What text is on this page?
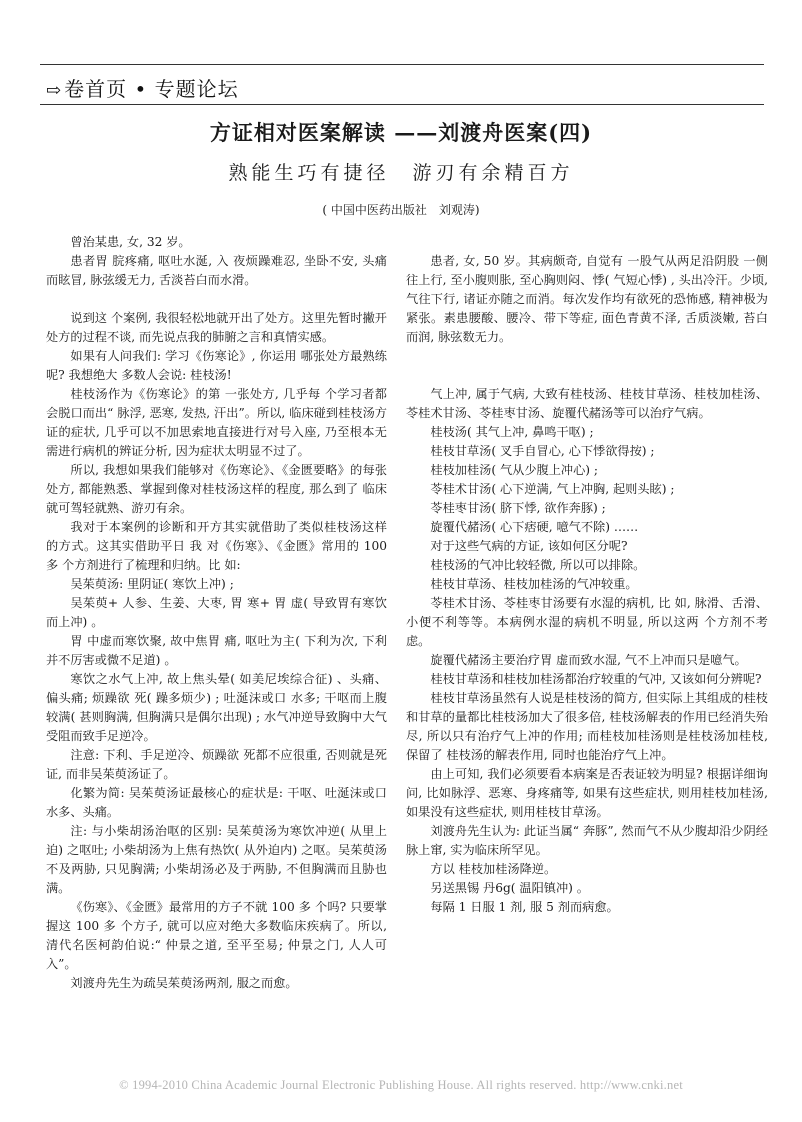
⇨ 卷首页 • 专题论坛
方证相对医案解读 ——刘渡舟医案(四)
熟能生巧有捷径　游刃有余精百方
( 中国中医药出版社　刘观涛)

曾治某患, 女, 32 岁。

患者胃 脘疼痛, 呕吐水涎, 入 夜烦躁难忍, 坐卧不安, 头痛而眩冒, 脉弦缓无力, 舌淡苔白而水滑。

说到这 个案例, 我很轻松地就开出了处方。这里先暂时撇开处方的过程不谈, 而先说点我的肺腑之言和真情实感。

如果有人问我们: 学习《伤寒论》, 你运用 哪张处方最熟练呢? 我想绝大 多数人会说: 桂枝汤!

桂枝汤作为《伤寒论》的第 一张处方, 几乎每 个学习者都会脱口而出“ 脉浮, 恶寒, 发热, 汗出”。所以, 临床碰到桂枝汤方证的症状, 几乎可以不加思索地直接进行对号入座, 乃至根本无需进行病机的辨证分析, 因为症状太明显不过了。

所以, 我想如果我们能够对《伤寒论》、《金匮要略》的每张处方, 都能熟悉、掌握到像对桂枝汤这样的程度, 那么到了 临床就可驾轻就熟、游刃有余。

我对于本案例的诊断和开方其实就借助了类似桂枝汤这样的方式。这其实借助平日 我 对《伤寒》、《金匮》常用的 100 多 个方剂进行了梳理和归纳。比 如:

吴茱萸汤: 里阴证( 寒饮上冲) ;

吴茱萸+ 人参、生姜、大枣, 胃 寒+ 胃 虚( 导致胃有寒饮而上冲) 。

胃 中虚而寒饮聚, 故中焦胃 痛, 呕吐为主( 下利为次, 下利并不厉害或微不足道) 。

寒饮之水气上冲, 故上焦头晕( 如美尼埃综合征) 、头痛、偏头痛; 烦躁欲 死( 躁多烦少) ; 吐涎沫或口 水多; 干呕而上腹较满( 甚则胸满, 但胸满只是偶尔出现) ; 水气冲逆导致胸中大气受阻而致手足逆冷。

注意: 下利、手足逆冷、烦躁欲 死都不应很重, 否则就是死证, 而非吴茱萸汤证了。

化繁为简: 吴茱萸汤证最核心的症状是: 干呕、吐涎沫或口 水多、头痛。

注: 与小柴胡汤治呕的区别: 吴茱萸汤为寒饮冲逆( 从里上迫) 之呕吐; 小柴胡汤为上焦有热饮( 从外迫内) 之呕。吴茱萸汤不及两胁, 只见胸满; 小柴胡汤必及于两胁, 不但胸满而且胁也满。

《伤寒》、《金匮》最常用的方子不就 100 多 个吗? 只要掌握这 100 多 个方子, 就可以应对绝大多数临床疾病了。所以, 清代名医柯韵伯说:“ 仲景之道, 至平至易; 仲景之门, 人人可入”。

刘渡舟先生为疏吴茱萸汤两剂, 服之而愈。

患者, 女, 50 岁。其病颇奇, 自觉有 一股气从两足沿阴股 一侧往上行, 至小腹则胀, 至心胸则闷、悸( 气短心悸) , 头出冷汗。少顷, 气往下行, 诸证亦随之而消。每次发作均有欲死的恐怖感, 精神极为紧张。素患腰酸、腰冷、带下等症, 面色青黄不泽, 舌质淡嫩, 苔白而润, 脉弦数无力。

气上冲, 属于气病, 大致有桂枝汤、桂枝甘草汤、桂枝加桂汤、苓桂术甘汤、苓桂枣甘汤、旋覆代赭汤等可以治疗气病。

桂枝汤( 其气上冲, 鼻鸣干呕) ;

桂枝甘草汤( 叉手自冒心, 心下悸欲得按) ;

桂枝加桂汤( 气从少腹上冲心) ;

苓桂术甘汤( 心下逆满, 气上冲胸, 起则头眩) ;

苓桂枣甘汤( 脐下悸, 欲作奔豚) ;

旋覆代赭汤( 心下痞硬, 噫气不除) ……

对于这些气病的方证, 该如何区分呢?

桂枝汤的气冲比较轻微, 所以可以排除。

桂枝甘草汤、桂枝加桂汤的气冲较重。

苓桂术甘汤、苓桂枣甘汤要有水湿的病机, 比 如, 脉滑、舌滑、小便不利等等。本病例水湿的病机不明显, 所以这两 个方剂不考虑。

旋覆代赭汤主要治疗胃 虚而致水湿, 气不上冲而只是噫气。

桂枝甘草汤和桂枝加桂汤都治疗较重的气冲, 又该如何分辨呢?

桂枝甘草汤虽然有人说是桂枝汤的简方, 但实际上其组成的桂枝和甘草的量都比桂枝汤加大了很多倍, 桂枝汤解表的作用已经消失殆尽, 所以只有治疗气上冲的作用; 而桂枝加桂汤则是桂枝汤加桂枝, 保留了 桂枝汤的解表作用, 同时也能治疗气上冲。

由上可知, 我们必须要看本病案是否表证较为明显? 根据详细询问, 比如脉浮、恶寒、身疼痛等, 如果有这些症状, 则用桂枝加桂汤, 如果没有这些症状, 则用桂枝甘草汤。

刘渡舟先生认为: 此证当属“ 奔豚”, 然而气不从少腹却沿少阴经脉上窜, 实为临床所罕见。

方以 桂枝加桂汤降逆。

另送黑锡 丹6g( 温阳镇冲) 。

每隔 1 日服 1 剂, 服 5 剂而病愈。

© 1994-2010 China Academic Journal Electronic Publishing House. All rights reserved. http://www.cnki.net
